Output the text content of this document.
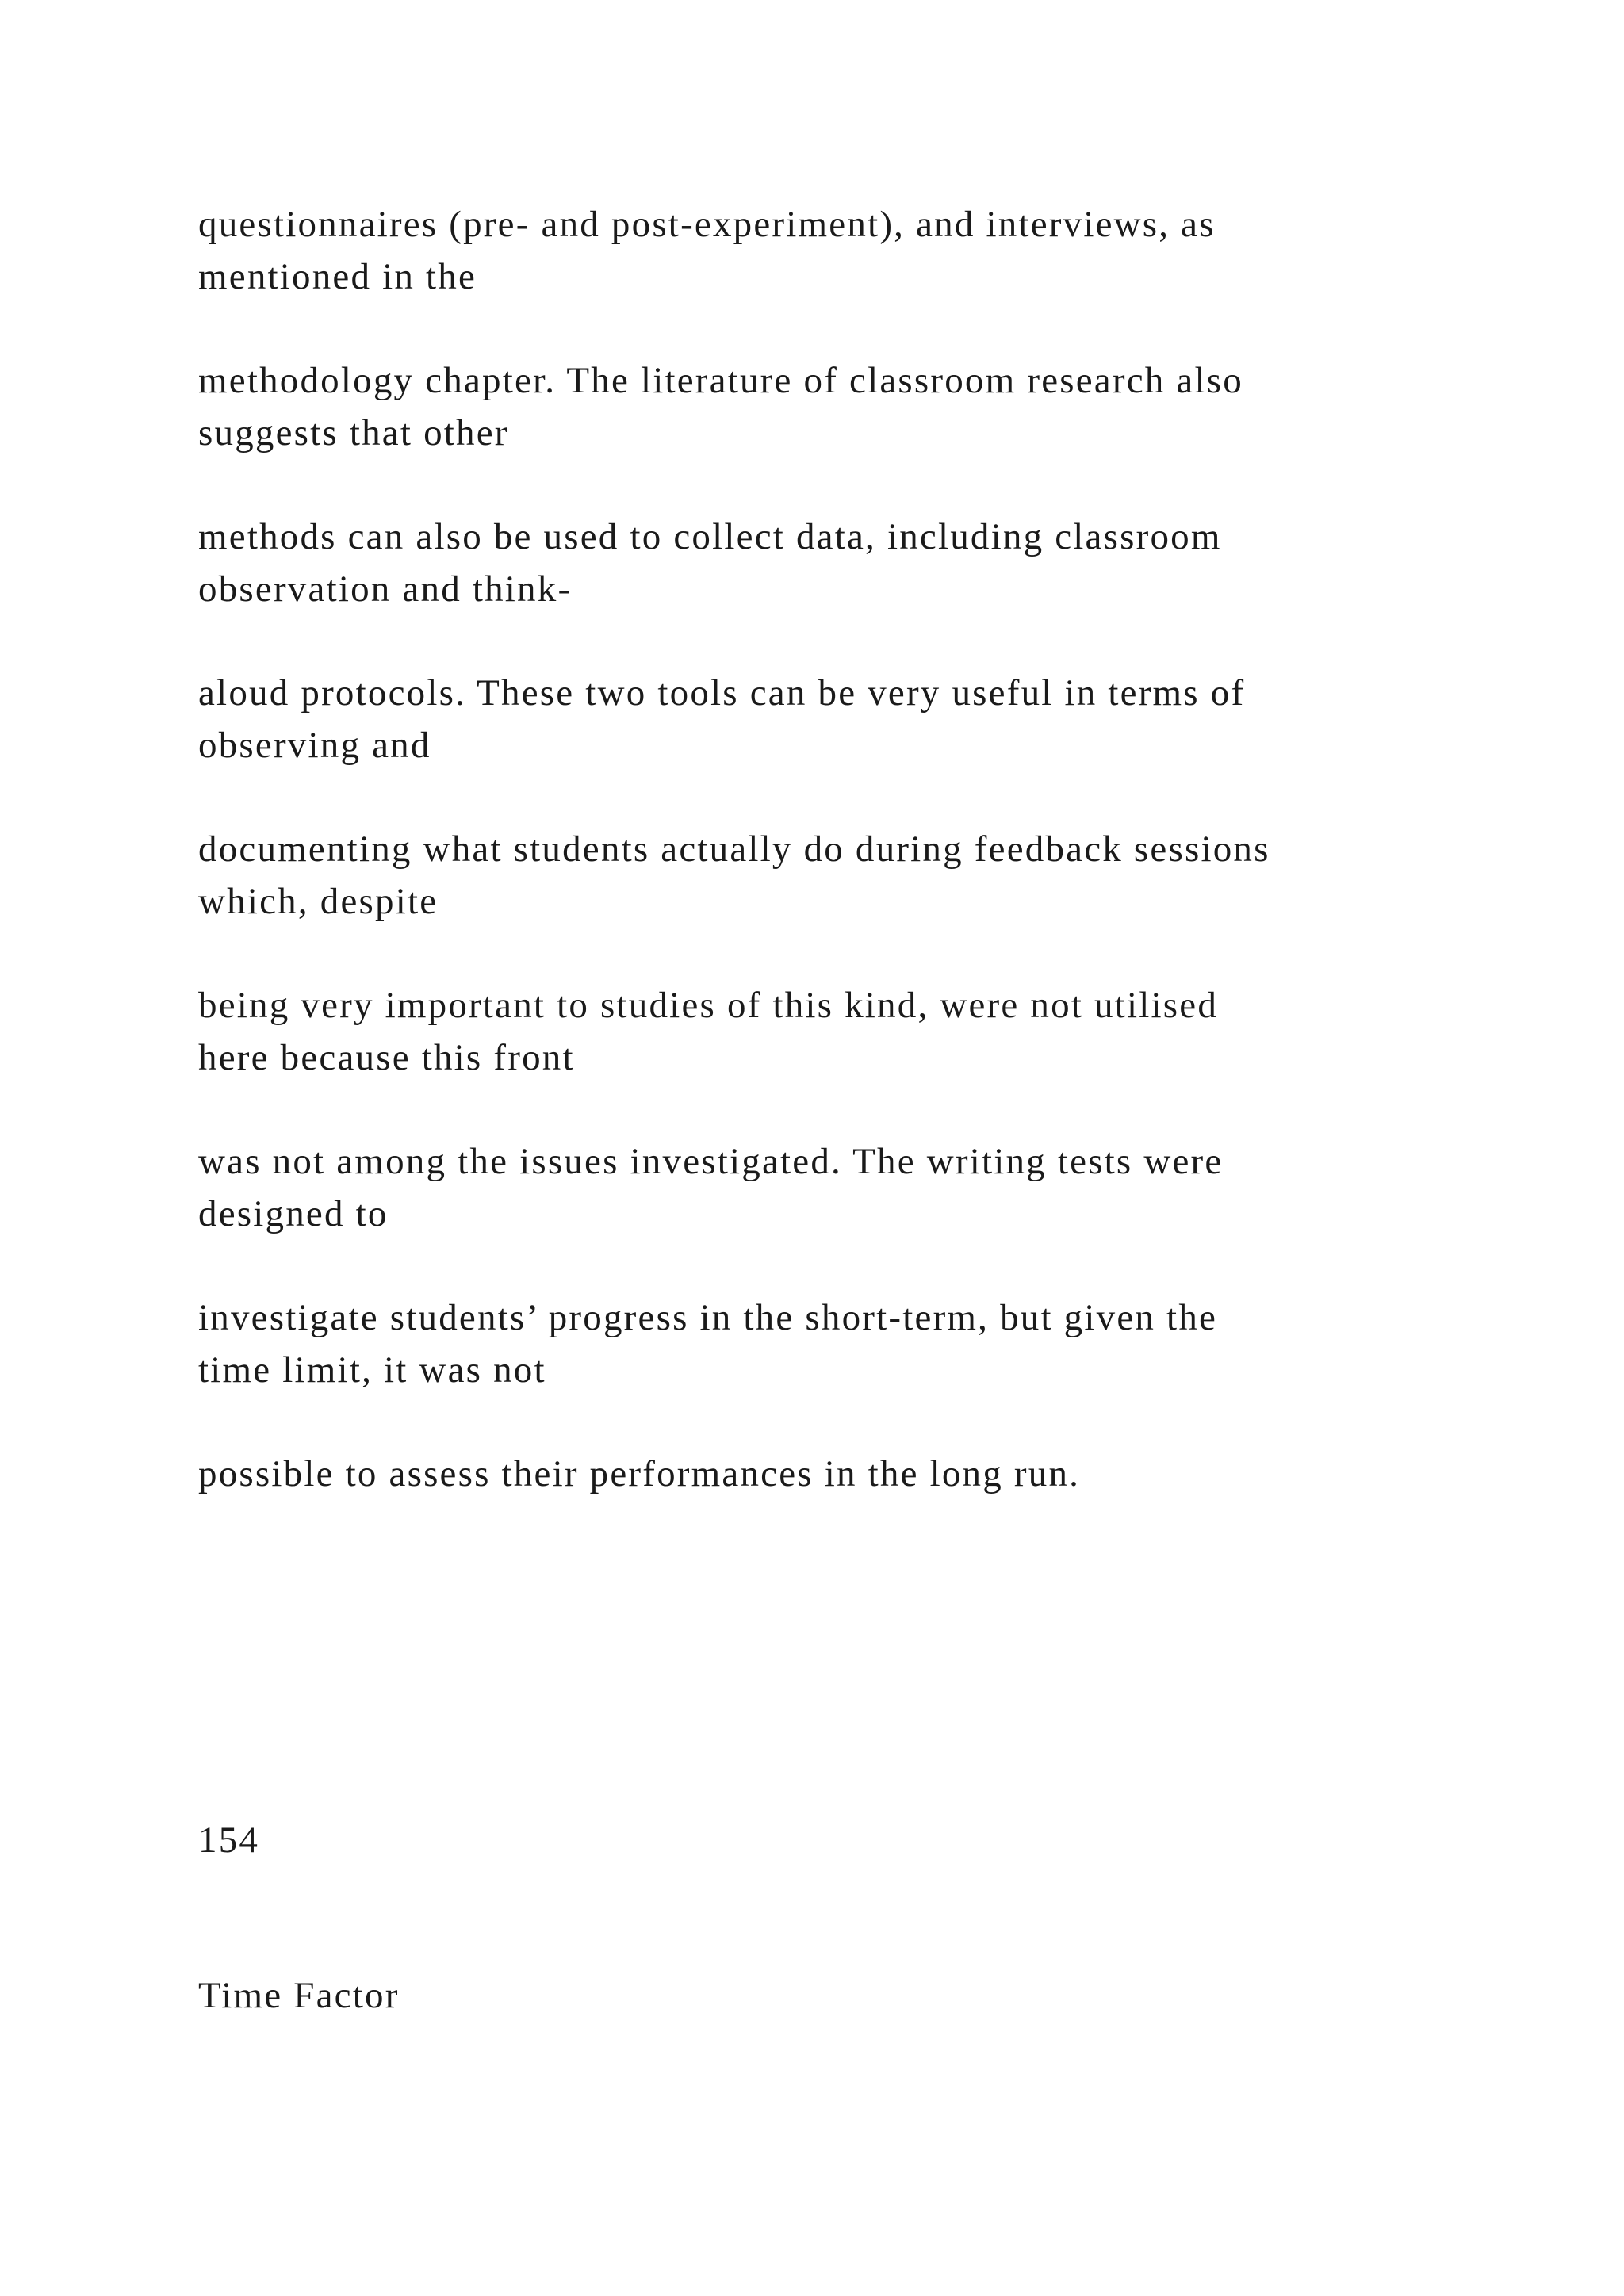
questionnaires (pre- and post-experiment), and interviews, as
mentioned in the

methodology chapter. The literature of classroom research also
suggests that other

methods can also be used to collect data, including classroom
observation and think-

aloud protocols. These two tools can be very useful in terms of
observing and

documenting what students actually do during feedback sessions
which, despite

being very important to studies of this kind, were not utilised
here because this front

was not among the issues investigated. The writing tests were
designed to

investigate students’ progress in the short-term, but given the
time limit, it was not

possible to assess their performances in the long run.

154
Time Factor
